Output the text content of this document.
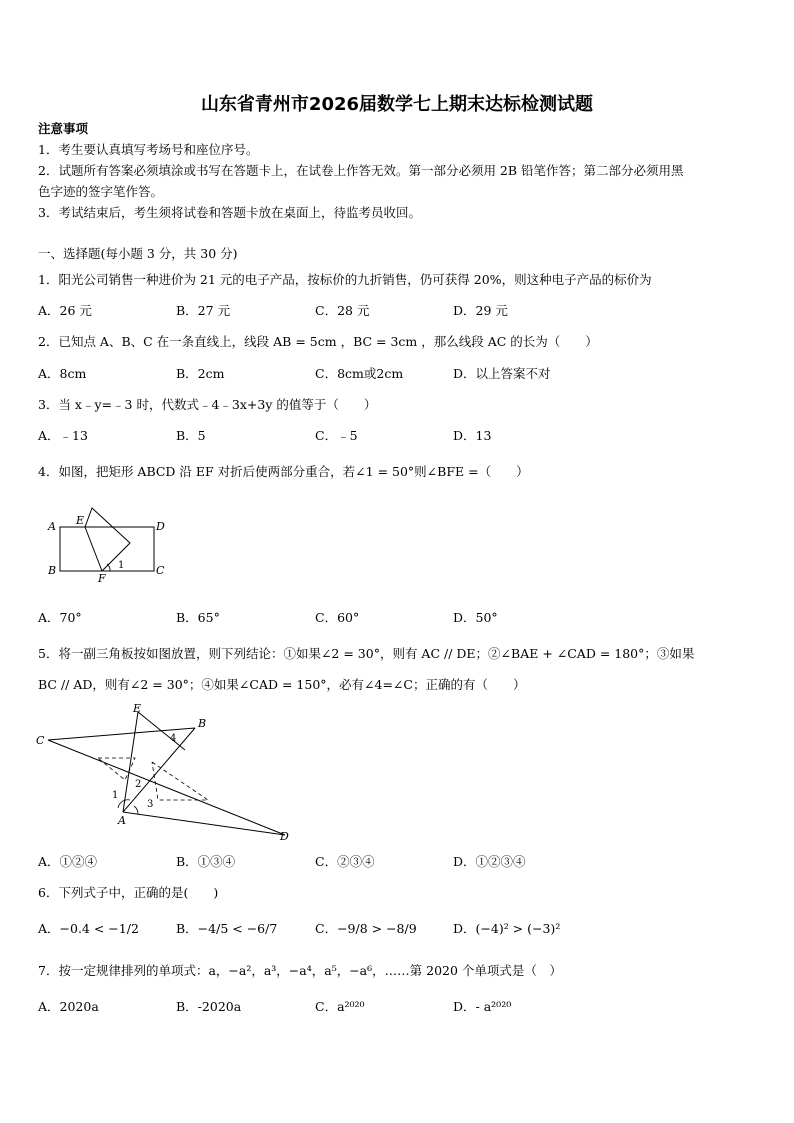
山东省青州市2026届数学七上期末达标检测试题
注意事项
1．考生要认真填写考场号和座位序号。
2．试题所有答案必须填涂或书写在答题卡上，在试卷上作答无效。第一部分必须用 2B 铅笔作答；第二部分必须用黑
色字迹的签字笔作答。
3．考试结束后，考生须将试卷和答题卡放在桌面上，待监考员收回。
一、选择题(每小题 3 分，共 30 分)
1．阳光公司销售一种进价为 21 元的电子产品，按标价的九折销售，仍可获得 20%，则这种电子产品的标价为
A．26 元	B．27 元	C．28 元	D．29 元
2．已知点 A、B、C 在一条直线上，线段 AB = 5cm ，BC = 3cm ，那么线段 AC 的长为（　　）
A．8cm	B．2cm	C．8cm或2cm	D．以上答案不对
3．当 x﹣y=﹣3 时，代数式﹣4﹣3x+3y 的值等于（　　）
A．﹣13	B．5	C．﹣5	D．13
4．如图，把矩形 ABCD 沿 EF 对折后使两部分重合，若∠1 = 50°则∠BFE =（　　）
A E	D
B
F
1	C
A．70°	B．65°	C．60°	D．50°
5．将一副三角板按如图放置，则下列结论：①如果∠2 = 30°，则有 AC // DE；②∠BAE + ∠CAD = 180°；③如果
BC // AD，则有∠2 = 30°；④如果∠CAD = 150°，必有∠4=∠C；正确的有（　　）
E
B
C	4
1
2
3
A
D
A．①②④	B．①③④	C．②③④	D．①②③④
6．下列式子中，正确的是(　　)
A．−0.4 < −1/2	B．−4/5 < −6/7	C．−9/8 > −8/9	D．(−4)² > (−3)²
7．按一定规律排列的单项式：a，−a²，a³，−a⁴，a⁵，−a⁶，……第 2020 个单项式是（　）
A．2020a	B．-2020a	C．a²⁰²⁰	D．- a²⁰²⁰
